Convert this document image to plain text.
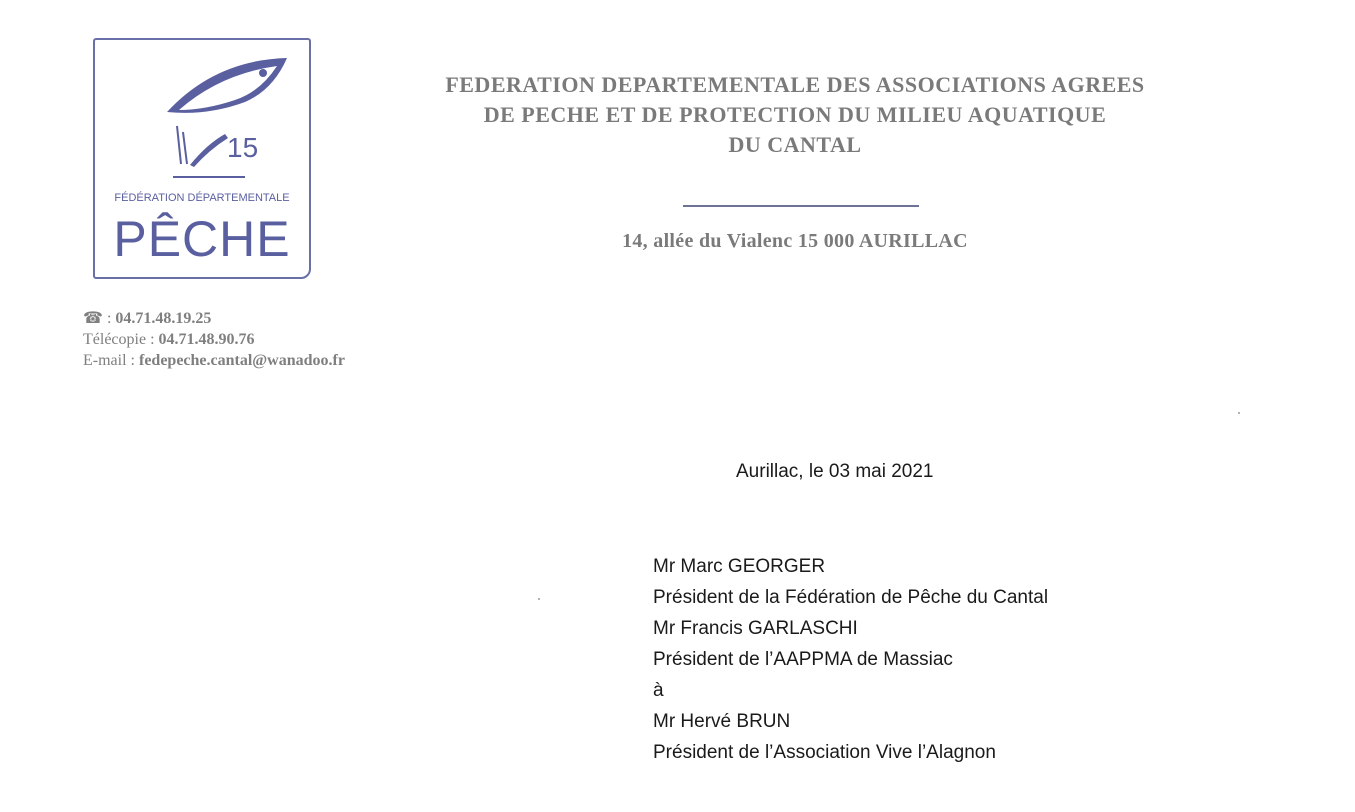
15
FÉDÉRATION DÉPARTEMENTALE
PÊCHE
FEDERATION DEPARTEMENTALE DES ASSOCIATIONS AGREES
DE PECHE ET DE PROTECTION DU MILIEU AQUATIQUE
DU CANTAL
14, allée du Vialenc 15 000 AURILLAC
☎ : 04.71.48.19.25
Télécopie : 04.71.48.90.76
E-mail : fedepeche.cantal@wanadoo.fr
Aurillac, le 03 mai 2021
Mr Marc GEORGER
Président de la Fédération de Pêche du Cantal
Mr Francis GARLASCHI
Président de l’AAPPMA de Massiac
à
Mr Hervé BRUN
Président de l’Association Vive l’Alagnon
